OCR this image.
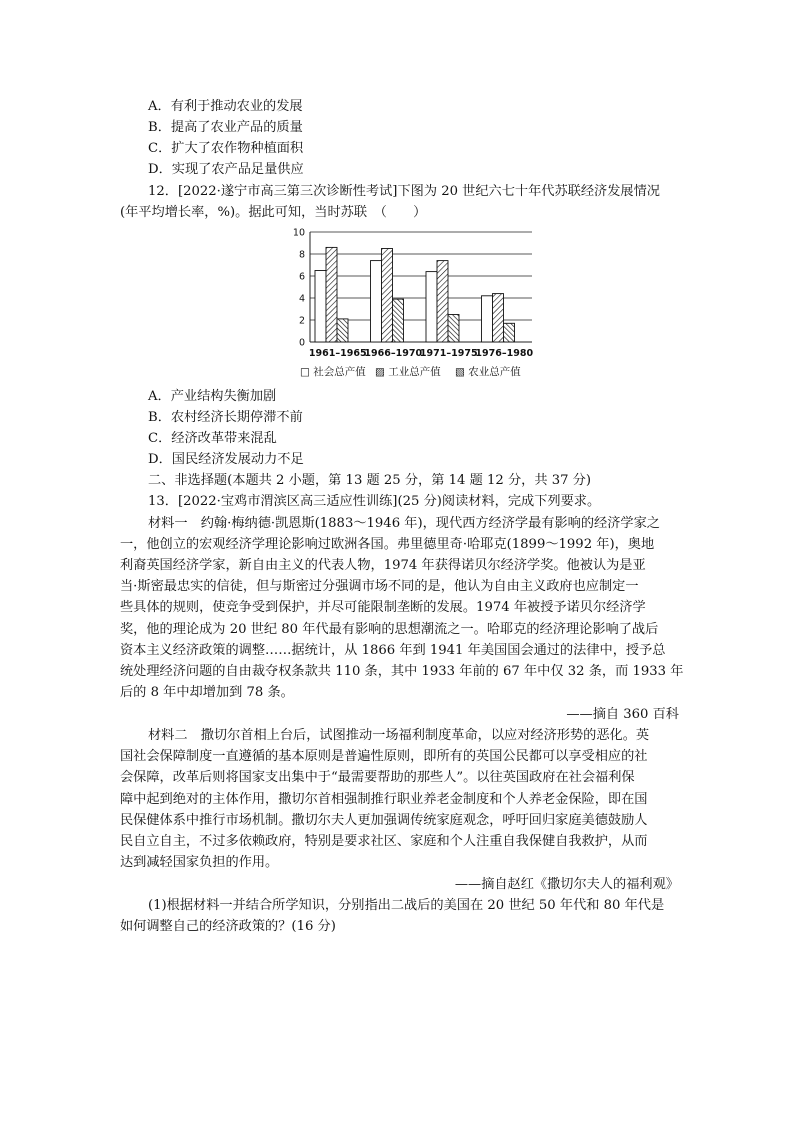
A．有利于推动农业的发展
B．提高了农业产品的质量
C．扩大了农作物种植面积
D．实现了农产品足量供应
12．[2022·遂宁市高三第三次诊断性考试]下图为 20 世纪六七十年代苏联经济发展情况
(年平均增长率，%)。据此可知，当时苏联　（　　）
0
2
4
6
8
10
1961–1965
1966–1970
1971–1975
1976–1980
□ 社会总产值 ▨ 工业总产值 ▧ 农业总产值
A．产业结构失衡加剧
B．农村经济长期停滞不前
C．经济改革带来混乱
D．国民经济发展动力不足
二、非选择题(本题共 2 小题，第 13 题 25 分，第 14 题 12 分，共 37 分)
13．[2022·宝鸡市渭滨区高三适应性训练](25 分)阅读材料，完成下列要求。
材料一　约翰·梅纳德·凯恩斯(1883～1946 年)，现代西方经济学最有影响的经济学家之
一，他创立的宏观经济学理论影响过欧洲各国。弗里德里奇·哈耶克(1899～1992 年)，奥地
利裔英国经济学家，新自由主义的代表人物，1974 年获得诺贝尔经济学奖。他被认为是亚
当·斯密最忠实的信徒，但与斯密过分强调市场不同的是，他认为自由主义政府也应制定一
些具体的规则，使竞争受到保护，并尽可能限制垄断的发展。1974 年被授予诺贝尔经济学
奖，他的理论成为 20 世纪 80 年代最有影响的思想潮流之一。哈耶克的经济理论影响了战后
资本主义经济政策的调整……据统计，从 1866 年到 1941 年美国国会通过的法律中，授予总
统处理经济问题的自由裁夺权条款共 110 条，其中 1933 年前的 67 年中仅 32 条，而 1933 年
后的 8 年中却增加到 78 条。
——摘自 360 百科
材料二　撒切尔首相上台后，试图推动一场福利制度革命，以应对经济形势的恶化。英
国社会保障制度一直遵循的基本原则是普遍性原则，即所有的英国公民都可以享受相应的社
会保障，改革后则将国家支出集中于“最需要帮助的那些人”。以往英国政府在社会福利保
障中起到绝对的主体作用，撒切尔首相强制推行职业养老金制度和个人养老金保险，即在国
民保健体系中推行市场机制。撒切尔夫人更加强调传统家庭观念，呼吁回归家庭美德鼓励人
民自立自主，不过多依赖政府，特别是要求社区、家庭和个人注重自我保健自我救护，从而
达到减轻国家负担的作用。
——摘自赵红《撒切尔夫人的福利观》
(1)根据材料一并结合所学知识，分别指出二战后的美国在 20 世纪 50 年代和 80 年代是
如何调整自己的经济政策的？(16 分)
